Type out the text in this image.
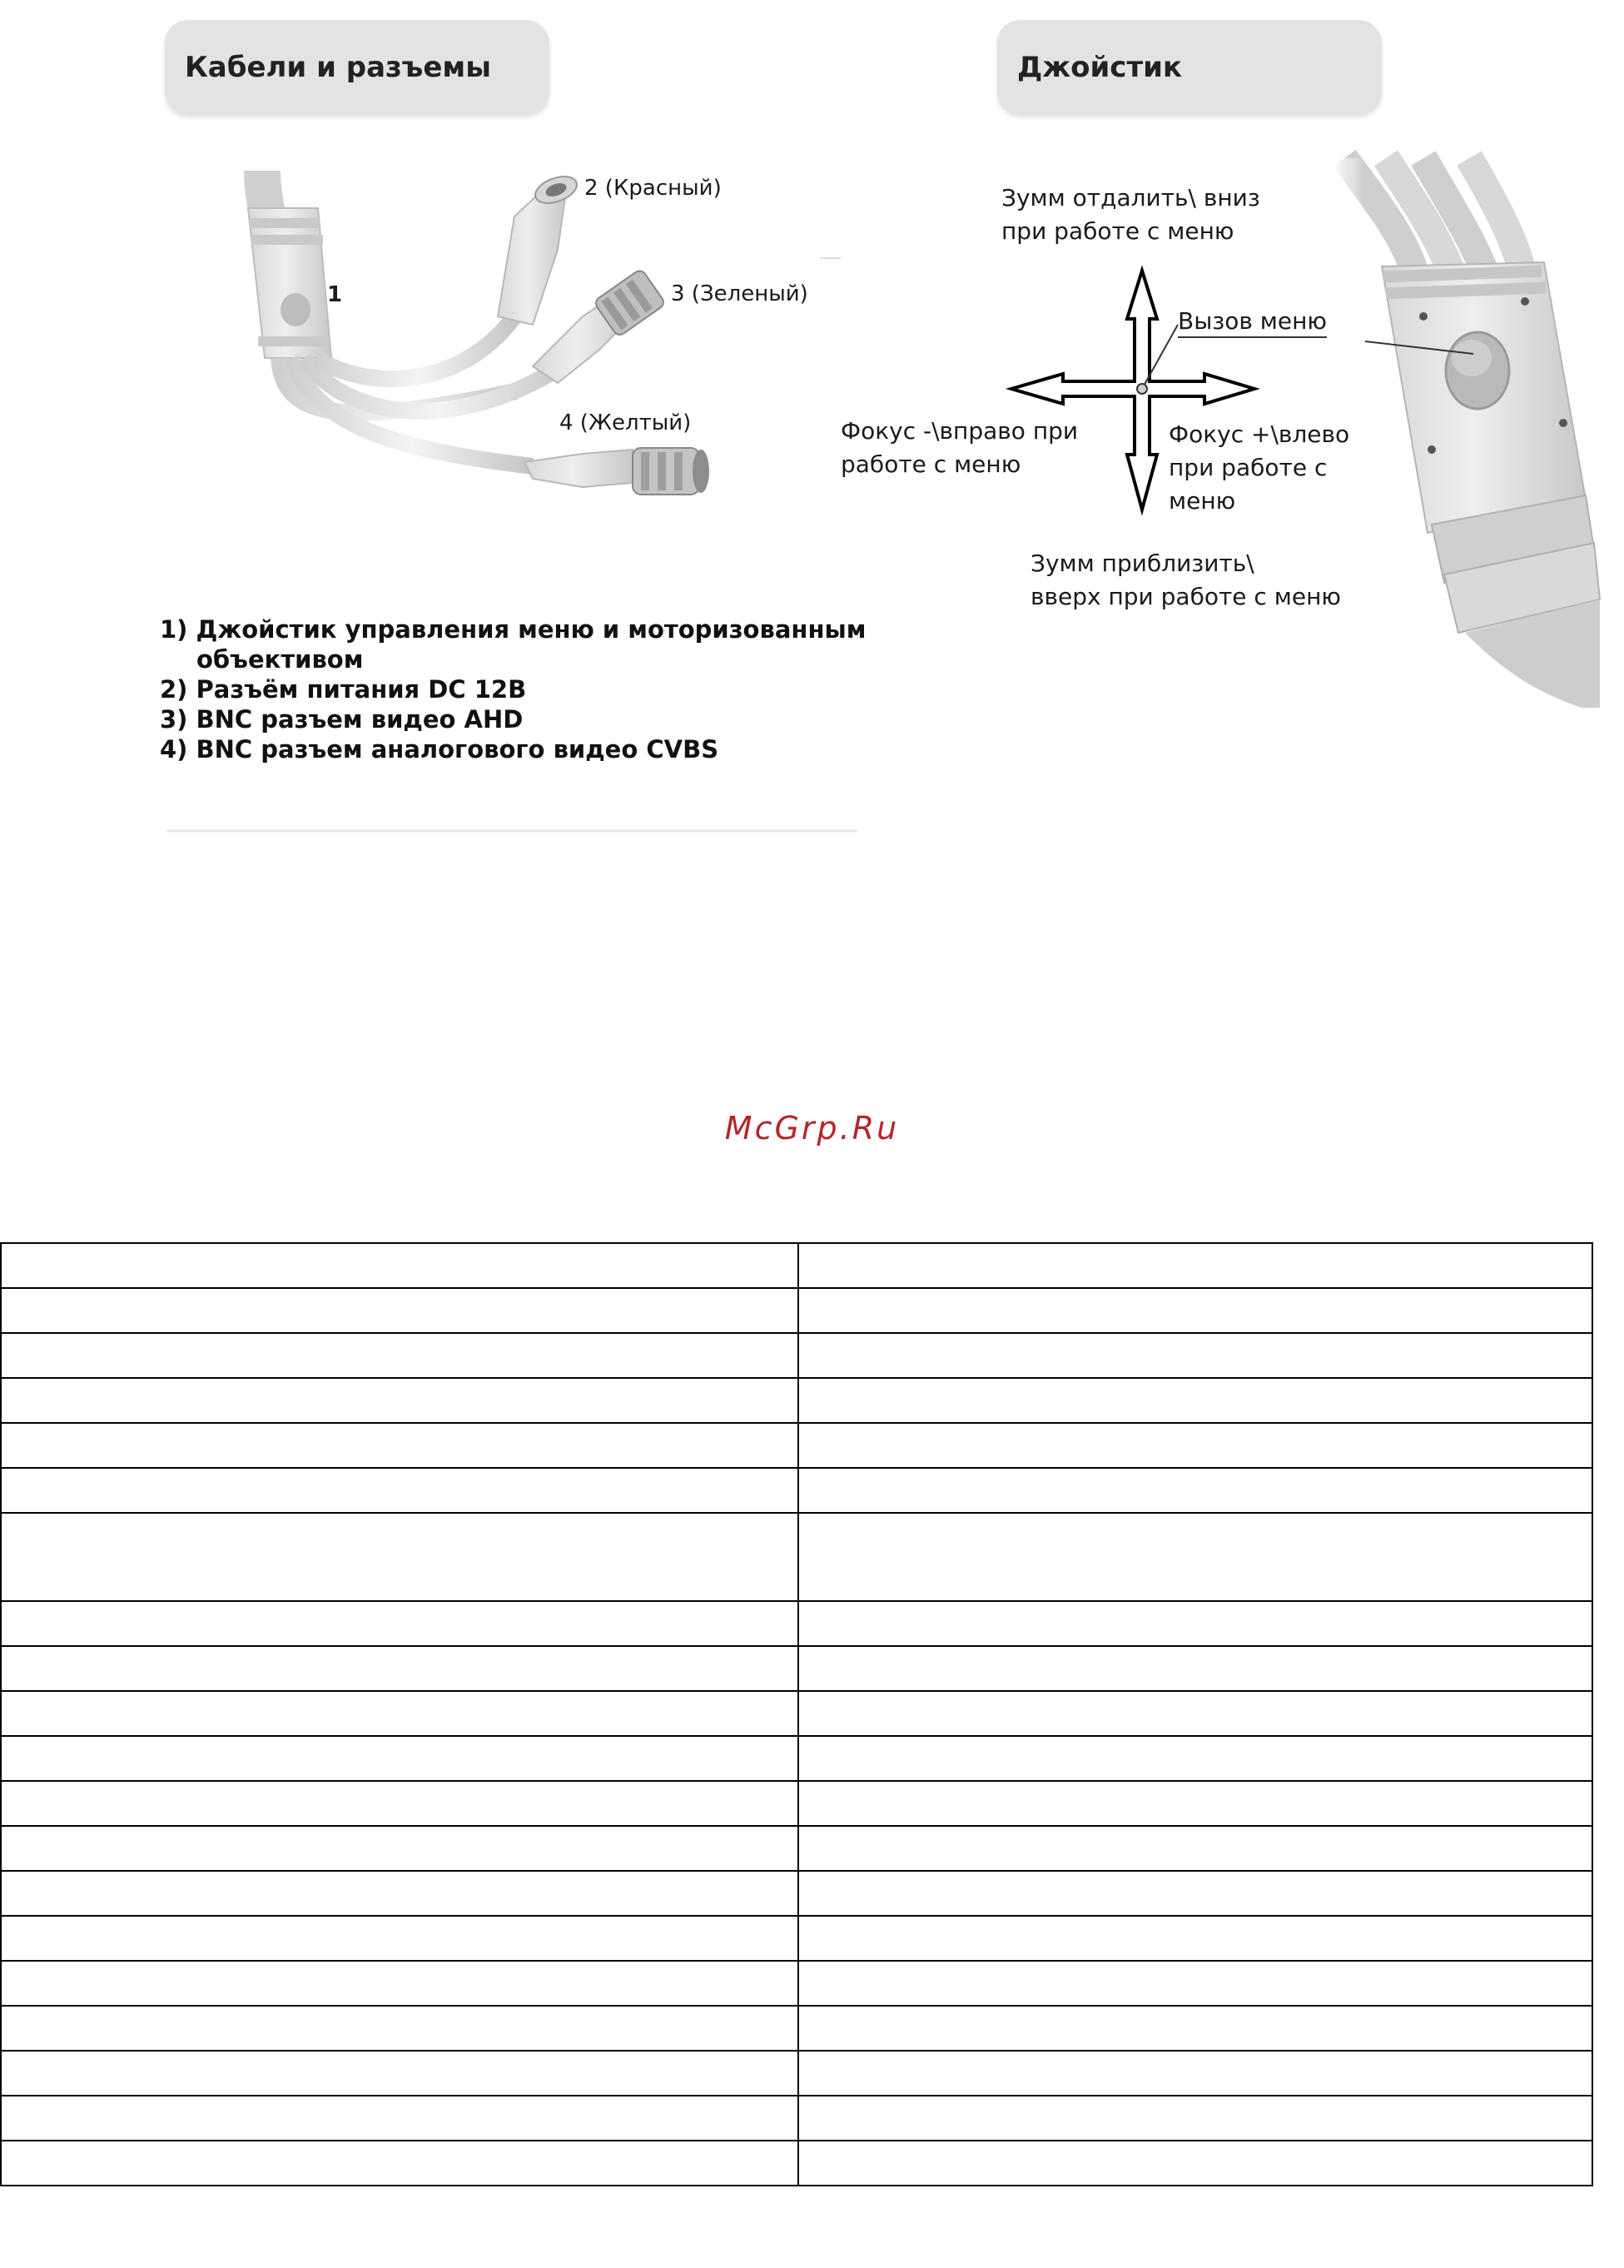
Кабели и разъемы	Джойстик
2 (Красный)
3 (Зеленый)
1
4 (Желтый)
1) Джойстик управления меню и моторизованным
объективом
2) Разъём питания DC 12В
3) BNC разъем видео AHD
4) BNC разъем аналогового видео CVBS
Зумм отдалить\ вниз
при работе с меню
Вызов меню
Фокус -\вправо при
работе с меню
Фокус +\влево
при работе с
меню
Зумм приблизить\
вверх при работе с меню
McGrp.Ru
